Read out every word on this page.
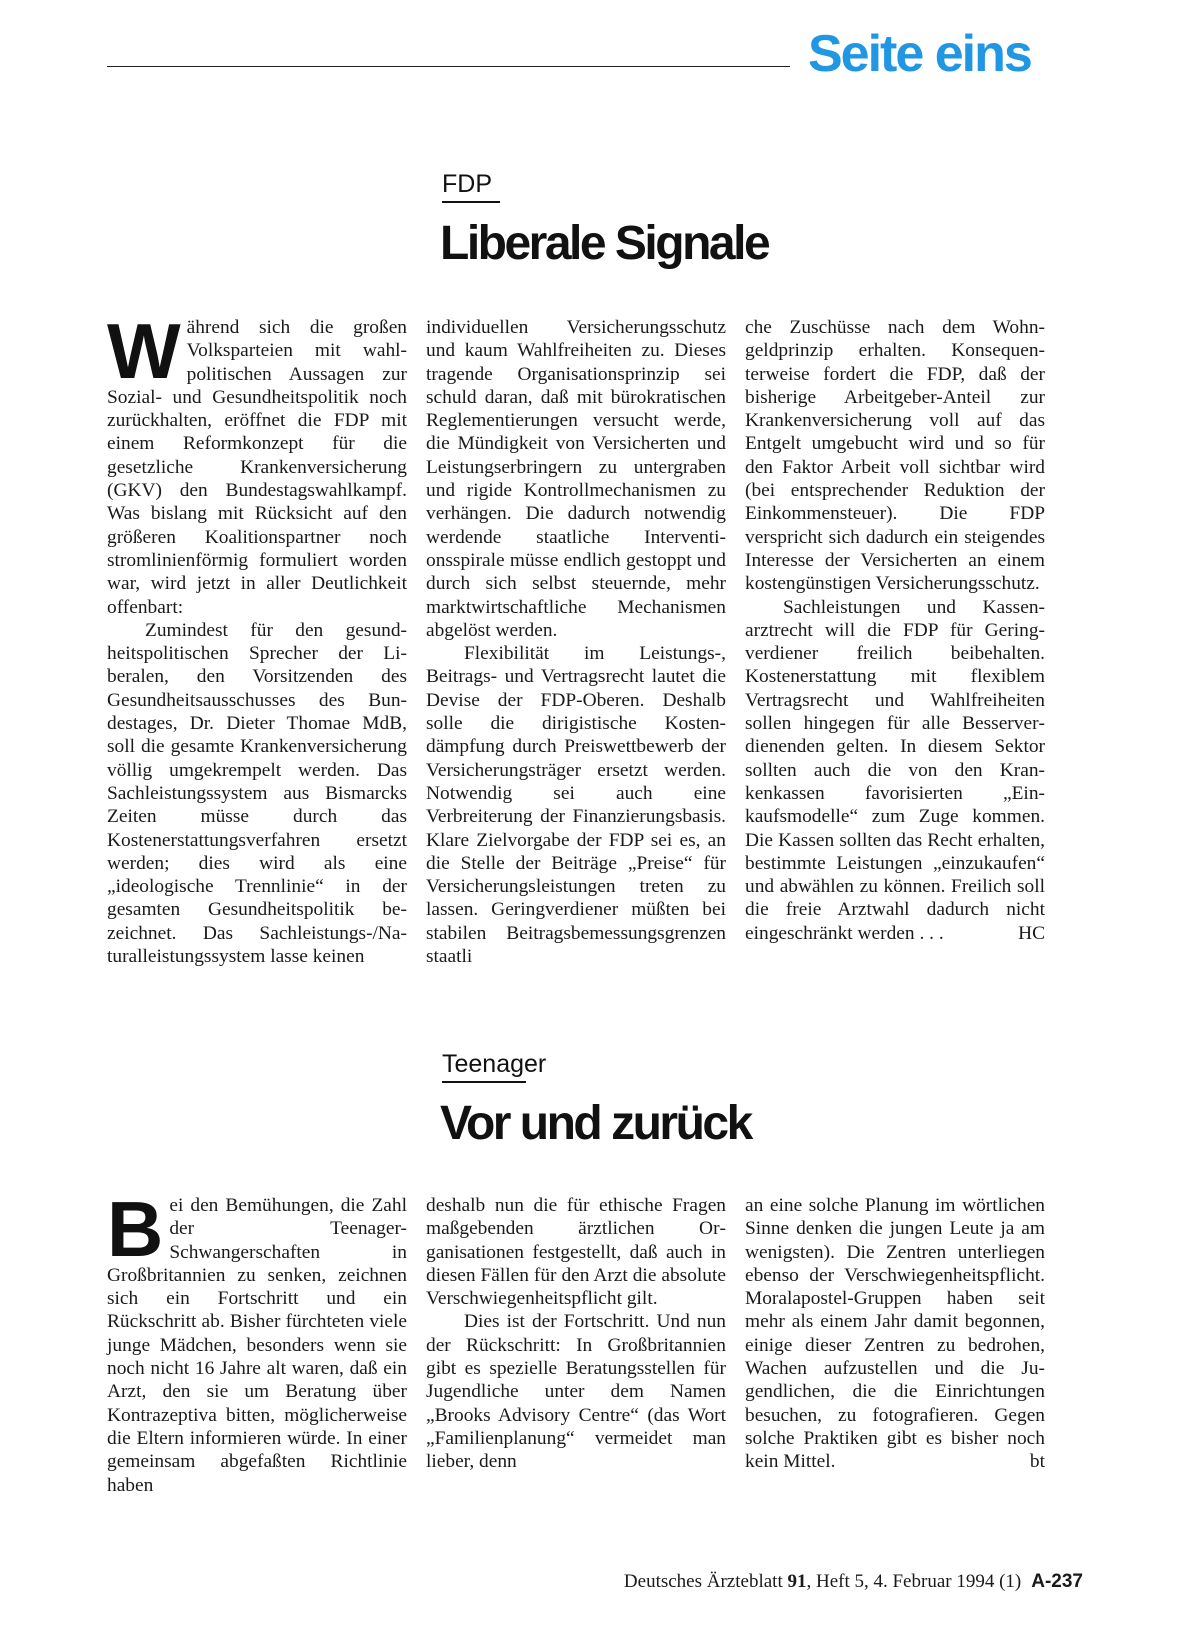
Seite eins
FDP
Liberale Signale
W ährend sich die großen Volksparteien mit wahlpolitischen Aussagen zur Sozial- und Gesundheitspolitik noch zurückhalten, eröffnet die FDP mit einem Reformkonzept für die gesetzliche Krankenversicherung (GKV) den Bundestagswahlkampf. Was bislang mit Rücksicht auf den größeren Koalitionspartner noch stromlinienförmig formuliert worden war, wird jetzt in aller Deutlichkeit offenbart:

Zumindest für den gesundheitspolitischen Sprecher der Liberalen, den Vorsitzenden des Gesundheitsausschusses des Bundestages, Dr. Dieter Thomae MdB, soll die gesamte Krankenversicherung völlig umgekrempelt werden. Das Sachleistungssystem aus Bismarcks Zeiten müsse durch das Kostenerstattungsverfahren ersetzt werden; dies wird als eine „ideologische Trennlinie“ in der gesamten Gesundheitspolitik bezeichnet. Das Sachleistungs-/Naturalleistungssystem lasse keinen

individuellen Versicherungsschutz und kaum Wahlfreiheiten zu. Dieses tragende Organisationsprinzip sei schuld daran, daß mit bürokratischen Reglementierungen versucht werde, die Mündigkeit von Versicherten und Leistungserbringern zu untergraben und rigide Kontrollmechanismen zu verhängen. Die dadurch notwendig werdende staatliche Interventionsspirale müsse endlich gestoppt und durch sich selbst steuernde, mehr marktwirtschaftliche Mechanismen abgelöst werden.

Flexibilität im Leistungs-, Beitrags- und Vertragsrecht lautet die Devise der FDP-Oberen. Deshalb solle die dirigistische Kostendämpfung durch Preiswettbewerb der Versicherungsträger ersetzt werden. Notwendig sei auch eine Verbreiterung der Finanzierungsbasis. Klare Zielvorgabe der FDP sei es, an die Stelle der Beiträge „Preise“ für Versicherungsleistungen treten zu lassen. Geringverdiener müßten bei stabilen Beitragsbemessungsgrenzen staatli

che Zuschüsse nach dem Wohngeldprinzip erhalten. Konsequenterweise fordert die FDP, daß der bisherige Arbeitgeber-Anteil zur Krankenversicherung voll auf das Entgelt umgebucht wird und so für den Faktor Arbeit voll sichtbar wird (bei entsprechender Reduktion der Einkommensteuer). Die FDP verspricht sich dadurch ein steigendes Interesse der Versicherten an einem kostengünstigen Versicherungsschutz.

Sachleistungen und Kassenarztrecht will die FDP für Geringverdiener freilich beibehalten. Kostenerstattung mit flexiblem Vertragsrecht und Wahlfreiheiten sollen hingegen für alle Besserverdienenden gelten. In diesem Sektor sollten auch die von den Krankenkassen favorisierten „Einkaufsmodelle“ zum Zuge kommen. Die Kassen sollten das Recht erhalten, bestimmte Leistungen „einzukaufen“ und abwählen zu können. Freilich soll die freie Arztwahl dadurch nicht eingeschränkt werden . . .	HC

Teenager
Vor und zurück
B ei den Bemühungen, die Zahl der Teenager-Schwangerschaften in Großbritannien zu senken, zeichnen sich ein Fortschritt und ein Rückschritt ab. Bisher fürchteten viele junge Mädchen, besonders wenn sie noch nicht 16 Jahre alt waren, daß ein Arzt, den sie um Beratung über Kontrazeptiva bitten, möglicherweise die Eltern informieren würde. In einer gemeinsam abgefaßten Richtlinie haben

deshalb nun die für ethische Fragen maßgebenden ärztlichen Organisationen festgestellt, daß auch in diesen Fällen für den Arzt die absolute Verschwiegenheitspflicht gilt.

Dies ist der Fortschritt. Und nun der Rückschritt: In Großbritannien gibt es spezielle Beratungsstellen für Jugendliche unter dem Namen „Brooks Advisory Centre“ (das Wort „Familienplanung“ vermeidet man lieber, denn

an eine solche Planung im wörtlichen Sinne denken die jungen Leute ja am wenigsten). Die Zentren unterliegen ebenso der Verschwiegenheitspflicht. Moralapostel-Gruppen haben seit mehr als einem Jahr damit begonnen, einige dieser Zentren zu bedrohen, Wachen aufzustellen und die Jugendlichen, die die Einrichtungen besuchen, zu fotografieren. Gegen solche Praktiken gibt es bisher noch kein Mittel.	bt

Deutsches Ärzteblatt 91, Heft 5, 4. Februar 1994 (1) A-237
